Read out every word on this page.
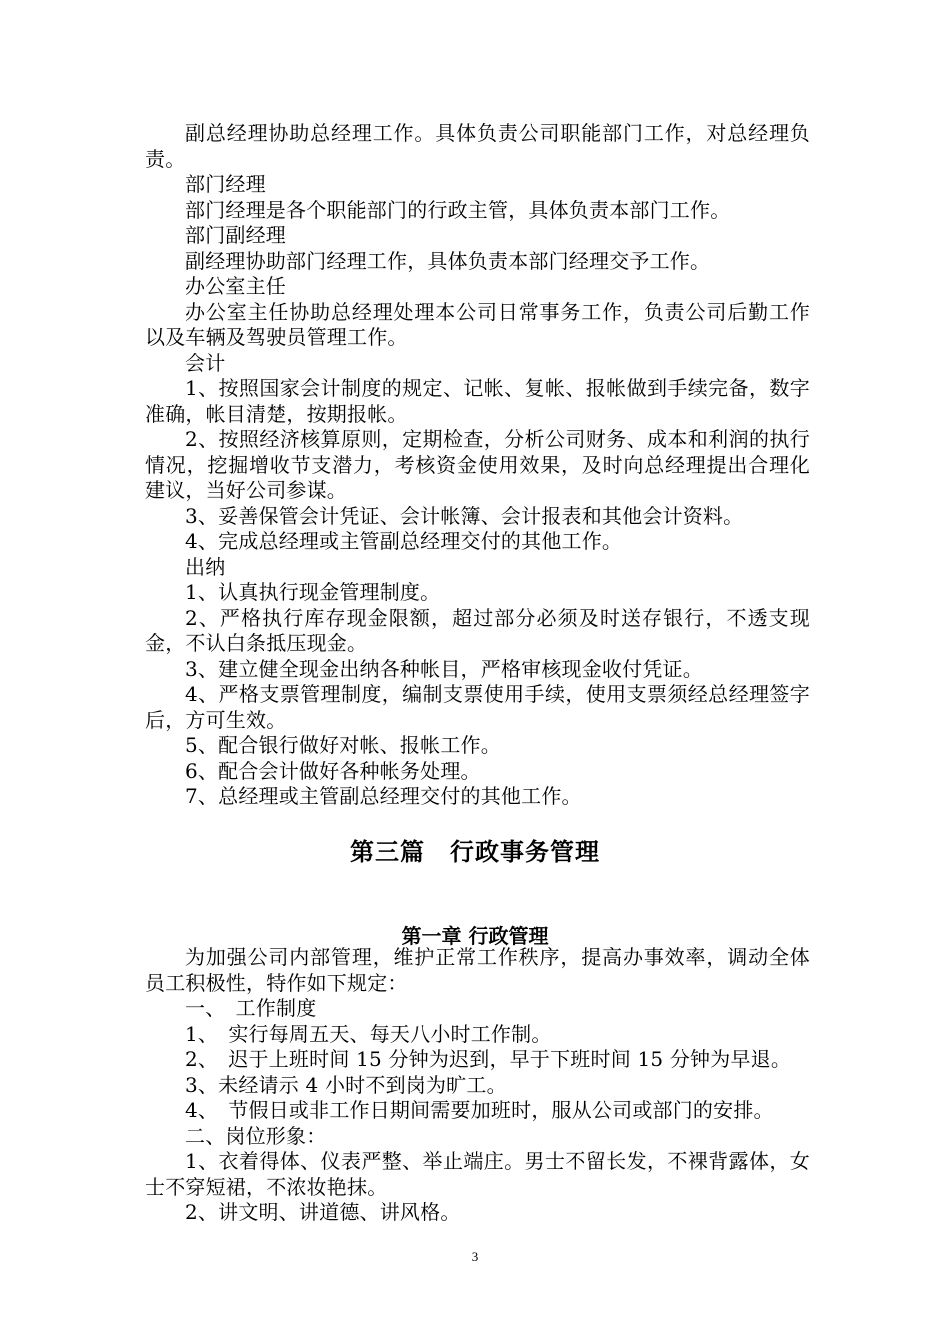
副总经理协助总经理工作。具体负责公司职能部门工作，对总经理负责。

部门经理

部门经理是各个职能部门的行政主管，具体负责本部门工作。

部门副经理

副经理协助部门经理工作，具体负责本部门经理交予工作。

办公室主任

办公室主任协助总经理处理本公司日常事务工作，负责公司后勤工作以及车辆及驾驶员管理工作。

会计

1、按照国家会计制度的规定、记帐、复帐、报帐做到手续完备，数字准确，帐目清楚，按期报帐。

2、按照经济核算原则，定期检查，分析公司财务、成本和利润的执行情况，挖掘增收节支潜力，考核资金使用效果，及时向总经理提出合理化建议，当好公司参谋。

3、妥善保管会计凭证、会计帐簿、会计报表和其他会计资料。

4、完成总经理或主管副总经理交付的其他工作。

出纳

1、认真执行现金管理制度。

2、严格执行库存现金限额，超过部分必须及时送存银行，不透支现金，不认白条抵压现金。

3、建立健全现金出纳各种帐目，严格审核现金收付凭证。

4、严格支票管理制度，编制支票使用手续，使用支票须经总经理签字后，方可生效。

5、配合银行做好对帐、报帐工作。

6、配合会计做好各种帐务处理。

7、总经理或主管副总经理交付的其他工作。

第三篇　行政事务管理
第一章 行政管理

为加强公司内部管理，维护正常工作秩序，提高办事效率，调动全体员工积极性，特作如下规定：

一、　工作制度

1、　实行每周五天、每天八小时工作制。

2、　迟于上班时间 15 分钟为迟到，早于下班时间 15 分钟为早退。

3、未经请示 4 小时不到岗为旷工。

4、　节假日或非工作日期间需要加班时，服从公司或部门的安排。

二、岗位形象：

1、衣着得体、仪表严整、举止端庄。男士不留长发，不裸背露体，女士不穿短裙，不浓妆艳抹。

2、讲文明、讲道德、讲风格。

3
